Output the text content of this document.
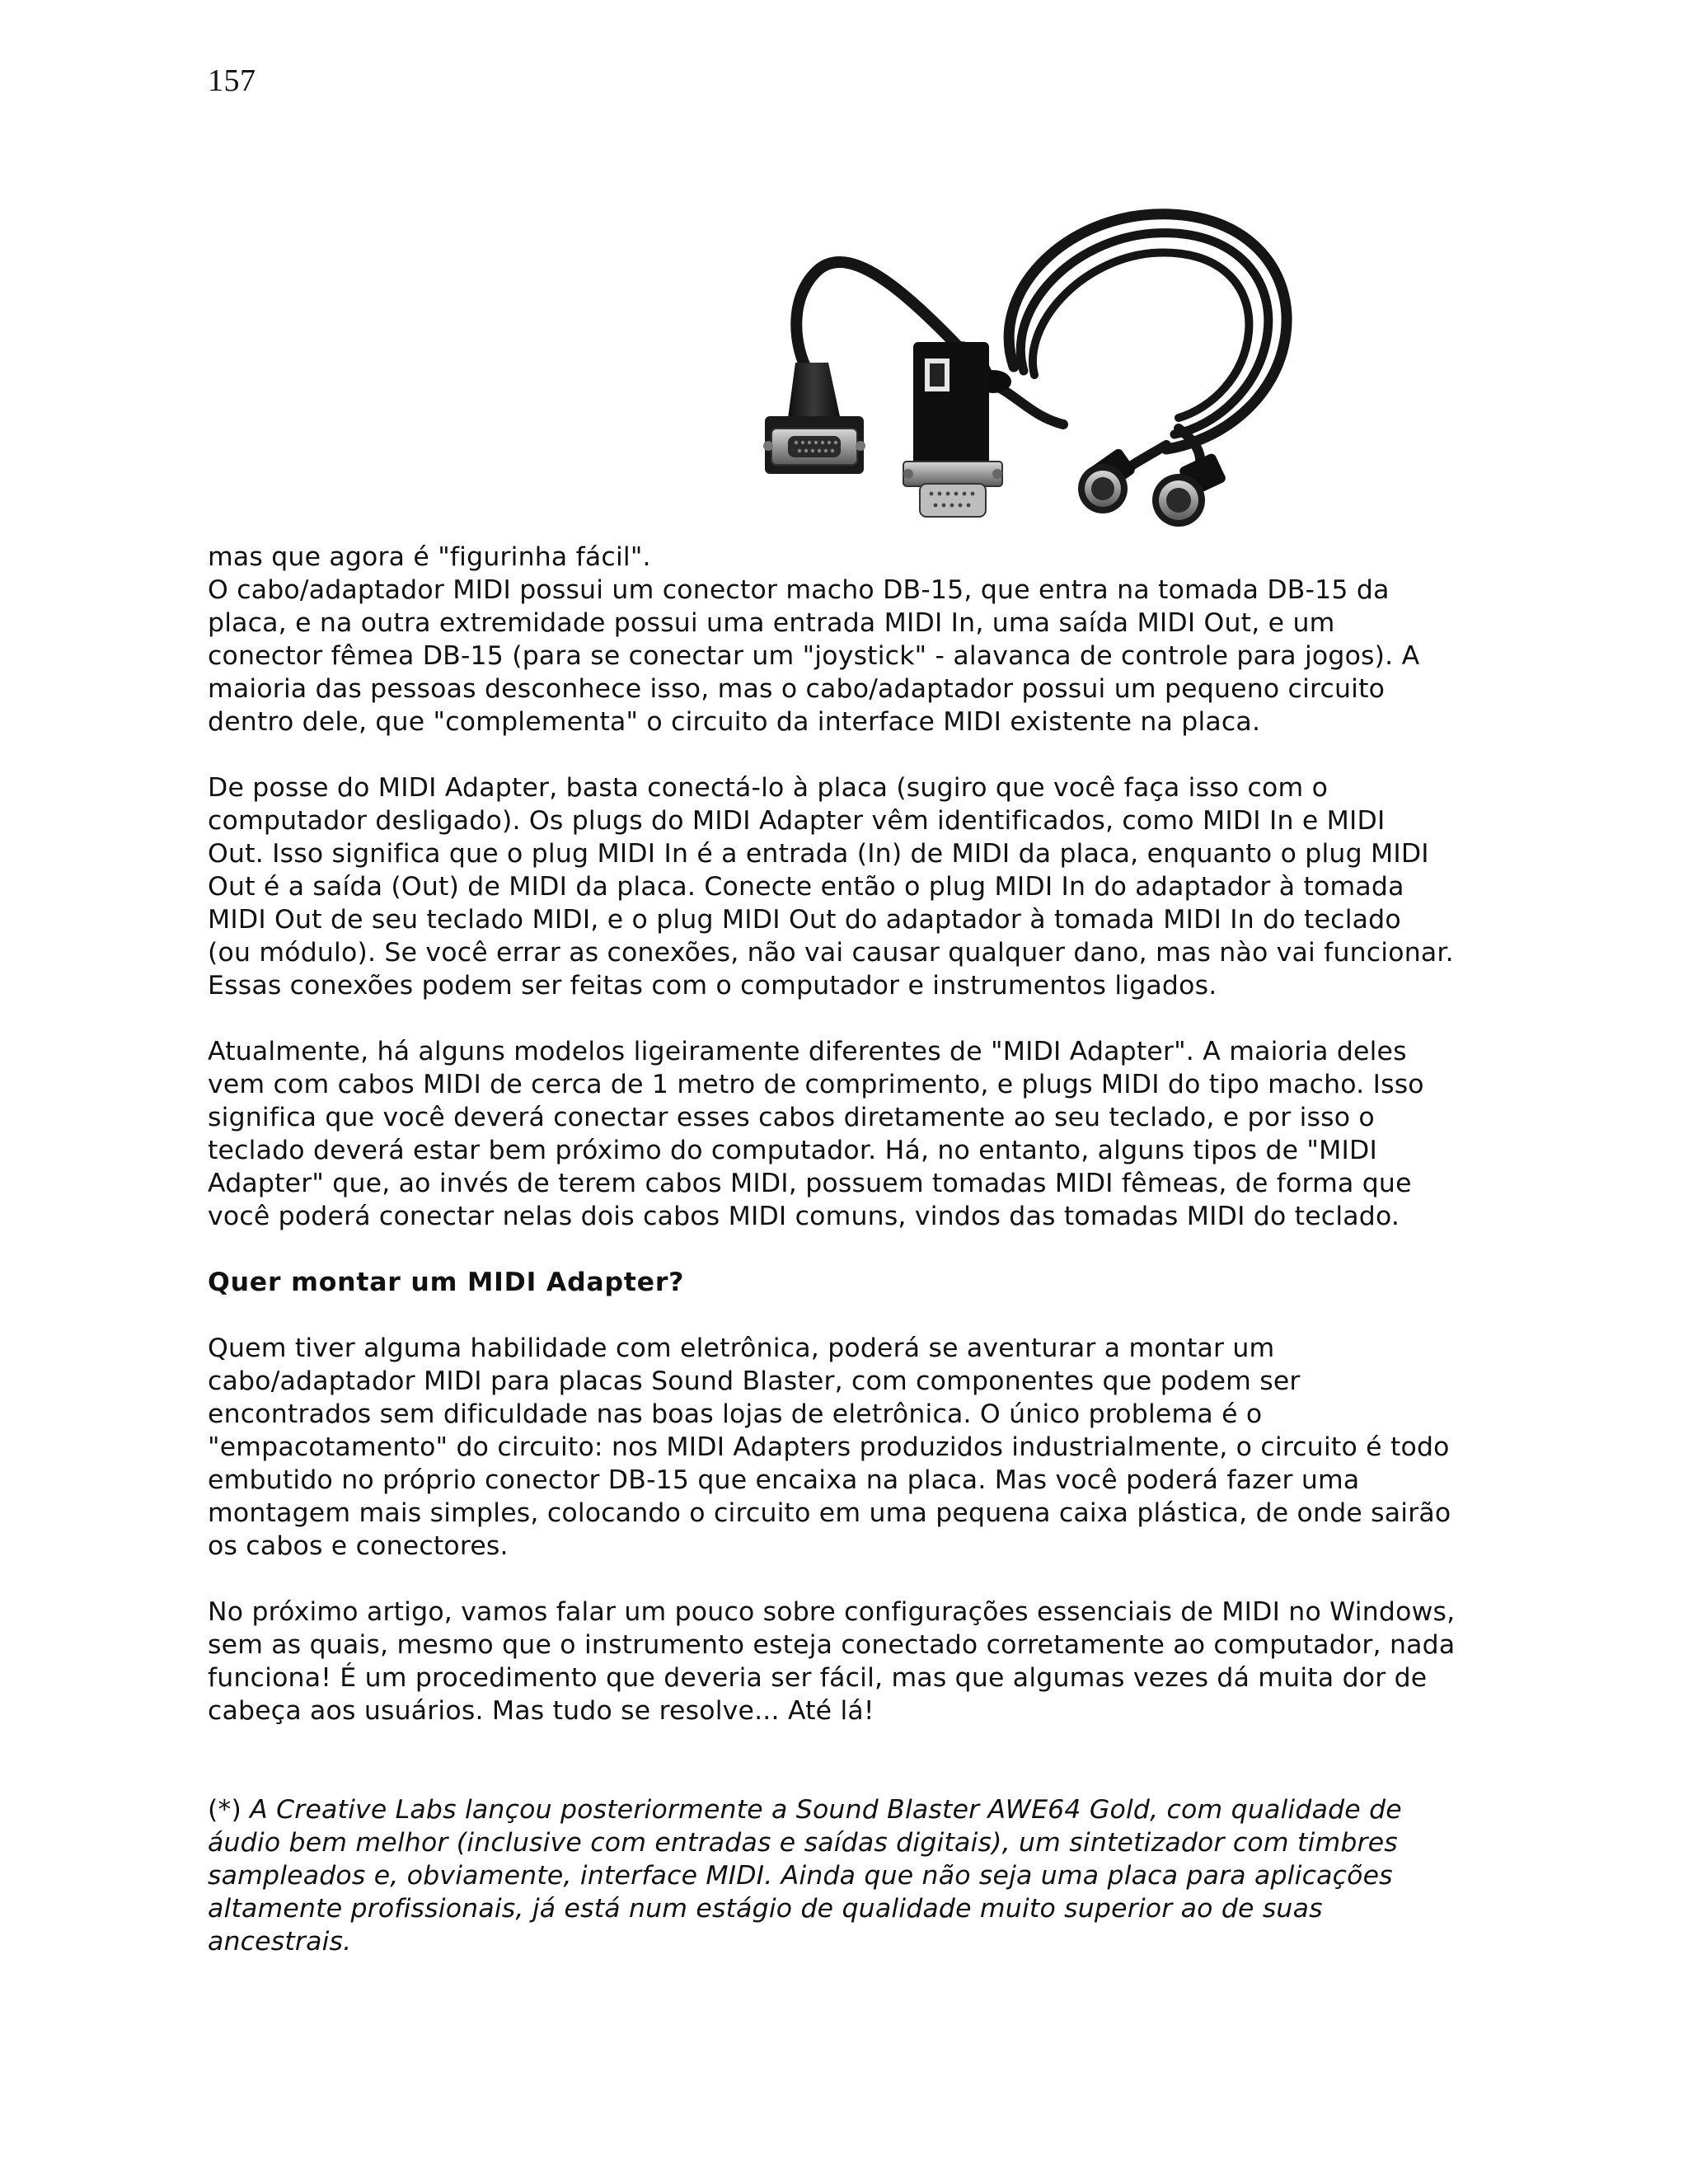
157

mas que agora é "figurinha fácil".
O cabo/adaptador MIDI possui um conector macho DB-15, que entra na tomada DB-15 da
placa, e na outra extremidade possui uma entrada MIDI In, uma saída MIDI Out, e um
conector fêmea DB-15 (para se conectar um "joystick" - alavanca de controle para jogos). A
maioria das pessoas desconhece isso, mas o cabo/adaptador possui um pequeno circuito
dentro dele, que "complementa" o circuito da interface MIDI existente na placa.

De posse do MIDI Adapter, basta conectá-lo à placa (sugiro que você faça isso com o
computador desligado). Os plugs do MIDI Adapter vêm identificados, como MIDI In e MIDI
Out. Isso significa que o plug MIDI In é a entrada (In) de MIDI da placa, enquanto o plug MIDI
Out é a saída (Out) de MIDI da placa. Conecte então o plug MIDI In do adaptador à tomada
MIDI Out de seu teclado MIDI, e o plug MIDI Out do adaptador à tomada MIDI In do teclado
(ou módulo). Se você errar as conexões, não vai causar qualquer dano, mas nào vai funcionar.
Essas conexões podem ser feitas com o computador e instrumentos ligados.

Atualmente, há alguns modelos ligeiramente diferentes de "MIDI Adapter". A maioria deles
vem com cabos MIDI de cerca de 1 metro de comprimento, e plugs MIDI do tipo macho. Isso
significa que você deverá conectar esses cabos diretamente ao seu teclado, e por isso o
teclado deverá estar bem próximo do computador. Há, no entanto, alguns tipos de "MIDI
Adapter" que, ao invés de terem cabos MIDI, possuem tomadas MIDI fêmeas, de forma que
você poderá conectar nelas dois cabos MIDI comuns, vindos das tomadas MIDI do teclado.

Quer montar um MIDI Adapter?

Quem tiver alguma habilidade com eletrônica, poderá se aventurar a montar um
cabo/adaptador MIDI para placas Sound Blaster, com componentes que podem ser
encontrados sem dificuldade nas boas lojas de eletrônica. O único problema é o
"empacotamento" do circuito: nos MIDI Adapters produzidos industrialmente, o circuito é todo
embutido no próprio conector DB-15 que encaixa na placa. Mas você poderá fazer uma
montagem mais simples, colocando o circuito em uma pequena caixa plástica, de onde sairão
os cabos e conectores.

No próximo artigo, vamos falar um pouco sobre configurações essenciais de MIDI no Windows,
sem as quais, mesmo que o instrumento esteja conectado corretamente ao computador, nada
funciona! É um procedimento que deveria ser fácil, mas que algumas vezes dá muita dor de
cabeça aos usuários. Mas tudo se resolve... Até lá!

(*) A Creative Labs lançou posteriormente a Sound Blaster AWE64 Gold, com qualidade de
áudio bem melhor (inclusive com entradas e saídas digitais), um sintetizador com timbres
sampleados e, obviamente, interface MIDI. Ainda que não seja uma placa para aplicações
altamente profissionais, já está num estágio de qualidade muito superior ao de suas
ancestrais.
